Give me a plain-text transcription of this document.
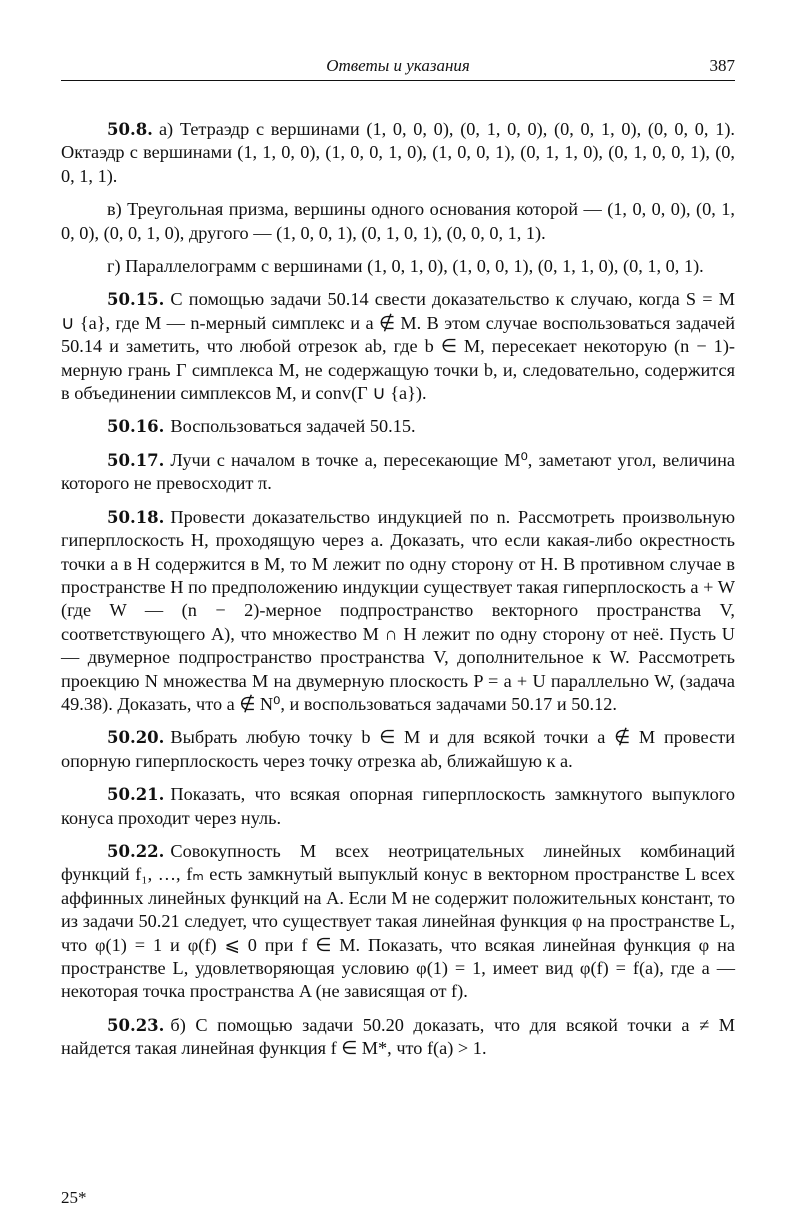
Ответы и указания	387

50.8. а) Тетраэдр с вершинами (1, 0, 0, 0), (0, 1, 0, 0), (0, 0, 1, 0), (0, 0, 0, 1). Октаэдр с вершинами (1, 1, 0, 0), (1, 0, 0, 1, 0), (1, 0, 0, 1), (0, 1, 1, 0), (0, 1, 0, 0, 1), (0, 0, 1, 1).

в) Треугольная призма, вершины одного основания которой — (1, 0, 0, 0), (0, 1, 0, 0), (0, 0, 1, 0), другого — (1, 0, 0, 1), (0, 1, 0, 1), (0, 0, 0, 1, 1).

г) Параллелограмм с вершинами (1, 0, 1, 0), (1, 0, 0, 1), (0, 1, 1, 0), (0, 1, 0, 1).

50.15. С помощью задачи 50.14 свести доказательство к случаю, когда S = M ∪ {a}, где M — n-мерный симплекс и a ∉ M. В этом случае воспользоваться задачей 50.14 и заметить, что любой отрезок ab, где b ∈ M, пересекает некоторую (n − 1)-мерную грань Γ симплекса M, не содержащую точки b, и, следовательно, содержится в объединении симплексов M, и conv(Γ ∪ {a}).

50.16. Воспользоваться задачей 50.15.

50.17. Лучи с началом в точке a, пересекающие M⁰, заметают угол, величина которого не превосходит π.

50.18. Провести доказательство индукцией по n. Рассмотреть произвольную гиперплоскость H, проходящую через a. Доказать, что если какая-либо окрестность точки a в H содержится в M, то M лежит по одну сторону от H. В противном случае в пространстве H по предположению индукции существует такая гиперплоскость a + W (где W — (n − 2)-мерное подпространство векторного пространства V, соответствующего A), что множество M ∩ H лежит по одну сторону от неё. Пусть U — двумерное подпространство пространства V, дополнительное к W. Рассмотреть проекцию N множества M на двумерную плоскость P = a + U параллельно W, (задача 49.38). Доказать, что a ∉ N⁰, и воспользоваться задачами 50.17 и 50.12.

50.20. Выбрать любую точку b ∈ M и для всякой точки a ∉ M провести опорную гиперплоскость через точку отрезка ab, ближайшую к a.

50.21. Показать, что всякая опорная гиперплоскость замкнутого выпуклого конуса проходит через нуль.

50.22. Совокупность M всех неотрицательных линейных комбинаций функций f₁, …, fₘ есть замкнутый выпуклый конус в векторном пространстве L всех аффинных линейных функций на A. Если M не содержит положительных констант, то из задачи 50.21 следует, что существует такая линейная функция φ на пространстве L, что φ(1) = 1 и φ(f) ⩽ 0 при f ∈ M. Показать, что всякая линейная функция φ на пространстве L, удовлетворяющая условию φ(1) = 1, имеет вид φ(f) = f(a), где a — некоторая точка пространства A (не зависящая от f).

50.23. б) С помощью задачи 50.20 доказать, что для всякой точки a ≠ M найдется такая линейная функция f ∈ M*, что f(a) > 1.

25*
